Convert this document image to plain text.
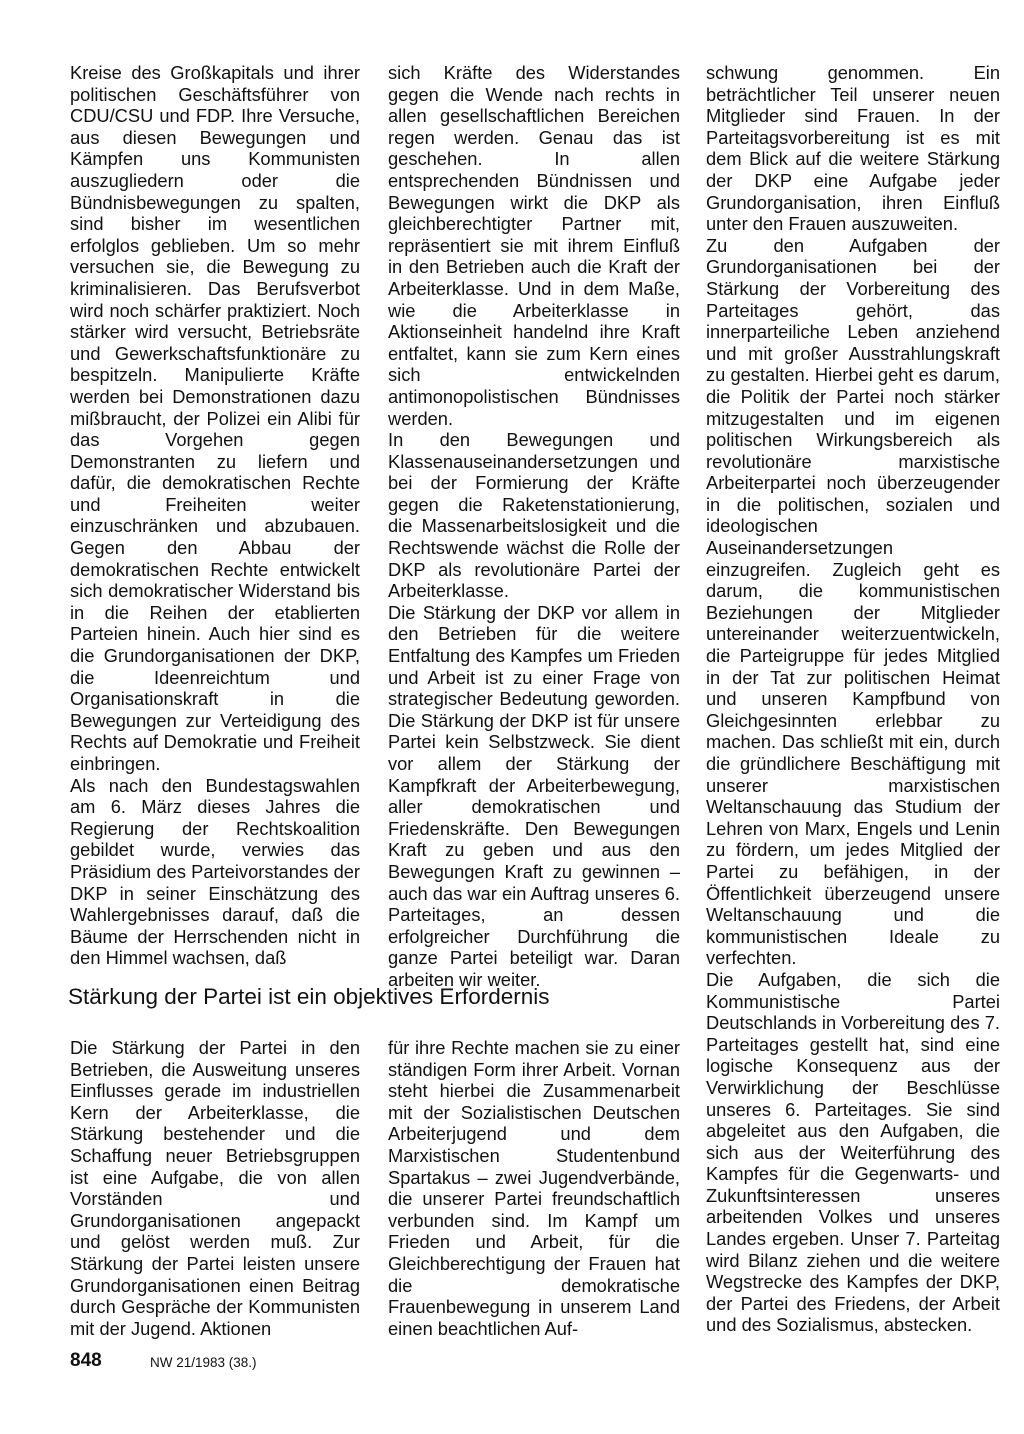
Kreise des Großkapitals und ihrer politischen Geschäftsführer von CDU/CSU und FDP. Ihre Versuche, aus diesen Bewegungen und Kämpfen uns Kommunisten auszugliedern oder die Bündnisbewegungen zu spalten, sind bisher im wesentlichen erfolglos geblieben. Um so mehr versuchen sie, die Bewegung zu kriminalisieren. Das Berufsverbot wird noch schärfer praktiziert. Noch stärker wird versucht, Betriebsräte und Gewerkschaftsfunktionäre zu bespitzeln. Manipulierte Kräfte werden bei Demonstrationen dazu mißbraucht, der Polizei ein Alibi für das Vorgehen gegen Demonstranten zu liefern und dafür, die demokratischen Rechte und Freiheiten weiter einzuschränken und abzubauen. Gegen den Abbau der demokratischen Rechte entwickelt sich demokratischer Widerstand bis in die Reihen der etablierten Parteien hinein. Auch hier sind es die Grundorganisationen der DKP, die Ideenreichtum und Organisationskraft in die Bewegungen zur Verteidigung des Rechts auf Demokratie und Freiheit einbringen.

Als nach den Bundestagswahlen am 6. März dieses Jahres die Regierung der Rechtskoalition gebildet wurde, verwies das Präsidium des Parteivorstandes der DKP in seiner Einschätzung des Wahlergebnisses darauf, daß die Bäume der Herrschenden nicht in den Himmel wachsen, daß

sich Kräfte des Widerstandes gegen die Wende nach rechts in allen gesellschaftlichen Bereichen regen werden. Genau das ist geschehen. In allen entsprechenden Bündnissen und Bewegungen wirkt die DKP als gleichberechtigter Partner mit, repräsentiert sie mit ihrem Einfluß in den Betrieben auch die Kraft der Arbeiterklasse. Und in dem Maße, wie die Arbeiterklasse in Aktionseinheit handelnd ihre Kraft entfaltet, kann sie zum Kern eines sich entwickelnden antimonopolistischen Bündnisses werden.

In den Bewegungen und Klassenauseinandersetzungen und bei der Formierung der Kräfte gegen die Raketenstationierung, die Massenarbeitslosigkeit und die Rechtswende wächst die Rolle der DKP als revolutionäre Partei der Arbeiterklasse.

Die Stärkung der DKP vor allem in den Betrieben für die weitere Entfaltung des Kampfes um Frieden und Arbeit ist zu einer Frage von strategischer Bedeutung geworden. Die Stärkung der DKP ist für unsere Partei kein Selbstzweck. Sie dient vor allem der Stärkung der Kampfkraft der Arbeiterbewegung, aller demokratischen und Friedenskräfte. Den Bewegungen Kraft zu geben und aus den Bewegungen Kraft zu gewinnen – auch das war ein Auftrag unseres 6. Parteitages, an dessen erfolgreicher Durchführung die ganze Partei beteiligt war. Daran arbeiten wir weiter.

schwung genommen. Ein beträchtlicher Teil unserer neuen Mitglieder sind Frauen. In der Parteitagsvorbereitung ist es mit dem Blick auf die weitere Stärkung der DKP eine Aufgabe jeder Grundorganisation, ihren Einfluß unter den Frauen auszuweiten.

Zu den Aufgaben der Grundorganisationen bei der Stärkung der Vorbereitung des Parteitages gehört, das innerparteiliche Leben anziehend und mit großer Ausstrahlungskraft zu gestalten. Hierbei geht es darum, die Politik der Partei noch stärker mitzugestalten und im eigenen politischen Wirkungsbereich als revolutionäre marxistische Arbeiterpartei noch überzeugender in die politischen, sozialen und ideologischen Auseinandersetzungen einzugreifen. Zugleich geht es darum, die kommunistischen Beziehungen der Mitglieder untereinander weiterzuentwickeln, die Parteigruppe für jedes Mitglied in der Tat zur politischen Heimat und unseren Kampfbund von Gleichgesinnten erlebbar zu machen. Das schließt mit ein, durch die gründlichere Beschäftigung mit unserer marxistischen Weltanschauung das Studium der Lehren von Marx, Engels und Lenin zu fördern, um jedes Mitglied der Partei zu befähigen, in der Öffentlichkeit überzeugend unsere Weltanschauung und die kommunistischen Ideale zu verfechten.

Die Aufgaben, die sich die Kommunistische Partei Deutschlands in Vorbereitung des 7. Parteitages gestellt hat, sind eine logische Konsequenz aus der Verwirklichung der Beschlüsse unseres 6. Parteitages. Sie sind abgeleitet aus den Aufgaben, die sich aus der Weiterführung des Kampfes für die Gegenwarts- und Zukunftsinteressen unseres arbeitenden Volkes und unseres Landes ergeben. Unser 7. Parteitag wird Bilanz ziehen und die weitere Wegstrecke des Kampfes der DKP, der Partei des Friedens, der Arbeit und des Sozialismus, abstecken.

Stärkung der Partei ist ein objektives Erfordernis

Die Stärkung der Partei in den Betrieben, die Ausweitung unseres Einflusses gerade im industriellen Kern der Arbeiterklasse, die Stärkung bestehender und die Schaffung neuer Betriebsgruppen ist eine Aufgabe, die von allen Vorständen und Grundorganisationen angepackt und gelöst werden muß. Zur Stärkung der Partei leisten unsere Grundorganisationen einen Beitrag durch Gespräche der Kommunisten mit der Jugend. Aktionen

für ihre Rechte machen sie zu einer ständigen Form ihrer Arbeit. Vornan steht hierbei die Zusammenarbeit mit der Sozialistischen Deutschen Arbeiterjugend und dem Marxistischen Studentenbund Spartakus – zwei Jugendverbände, die unserer Partei freundschaftlich verbunden sind. Im Kampf um Frieden und Arbeit, für die Gleichberechtigung der Frauen hat die demokratische Frauenbewegung in unserem Land einen beachtlichen Auf-

848	NW 21/1983 (38.)
